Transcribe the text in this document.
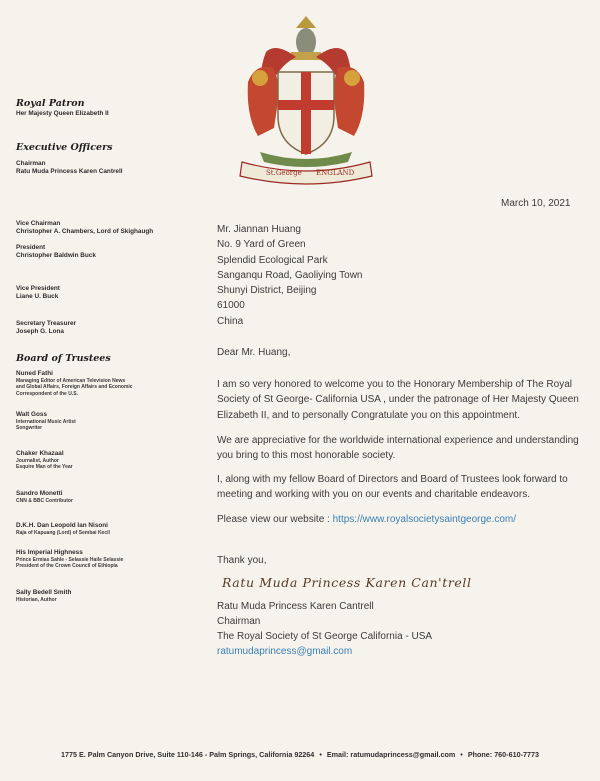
St.George ENGLAND

Royal Patron

Her Majesty Queen Elizabeth II

Executive Officers

Chairman

Ratu Muda Princess Karen Cantrell

Vice Chairman

Christopher A. Chambers, Lord of Skighaugh

President

Christopher Baldwin Buck

Vice President

Liane U. Buck

Secretary Treasurer

Joseph G. Lona

Board of Trustees

Nuned Fathi

Managing Editor of American Television News

and Global Affairs, Foreign Affairs and Economic

Correspondent of the U.S.

Walt Goss

International Music Artist

Songwriter

Chaker Khazaal

Journalist, Author

Esquire Man of the Year

Sandro Monetti

CNN & BBC Contributor

D.K.H. Dan Leopold Ian Nisoni

Raja of Kapuang (Lord) of Sembai Kecil

His Imperial Highness

Prince Ermias Sahle - Selassie Haile Selassie

President of the Crown Council of Ethiopia

Sally Bedell Smith

Historian, Author

March 10, 2021
Mr. Jiannan Huang
No. 9 Yard of Green
Splendid Ecological Park
Sanganqu Road, Gaoliying Town
Shunyi District, Beijing
61000
China
Dear Mr. Huang,
I am so very honored to welcome you to the Honorary Membership of The Royal Society of St George- California USA , under the patronage of Her Majesty Queen Elizabeth II, and to personally Congratulate you on this appointment.
We are appreciative for the worldwide international experience and understanding you bring to this most honorable society.
I, along with my fellow Board of Directors and Board of Trustees look forward to meeting and working with you on our events and charitable endeavors.
Please view our website : https://www.royalsocietysaintgeorge.com/
Thank you,
Ratu Muda Princess Karen Can'trell
Ratu Muda Princess Karen Cantrell
Chairman
The Royal Society of St George California - USA
ratumudaprincess@gmail.com
1775 E. Palm Canyon Drive, Suite 110-146 - Palm Springs, California 92264 • Email: ratumudaprincess@gmail.com • Phone: 760-610-7773
